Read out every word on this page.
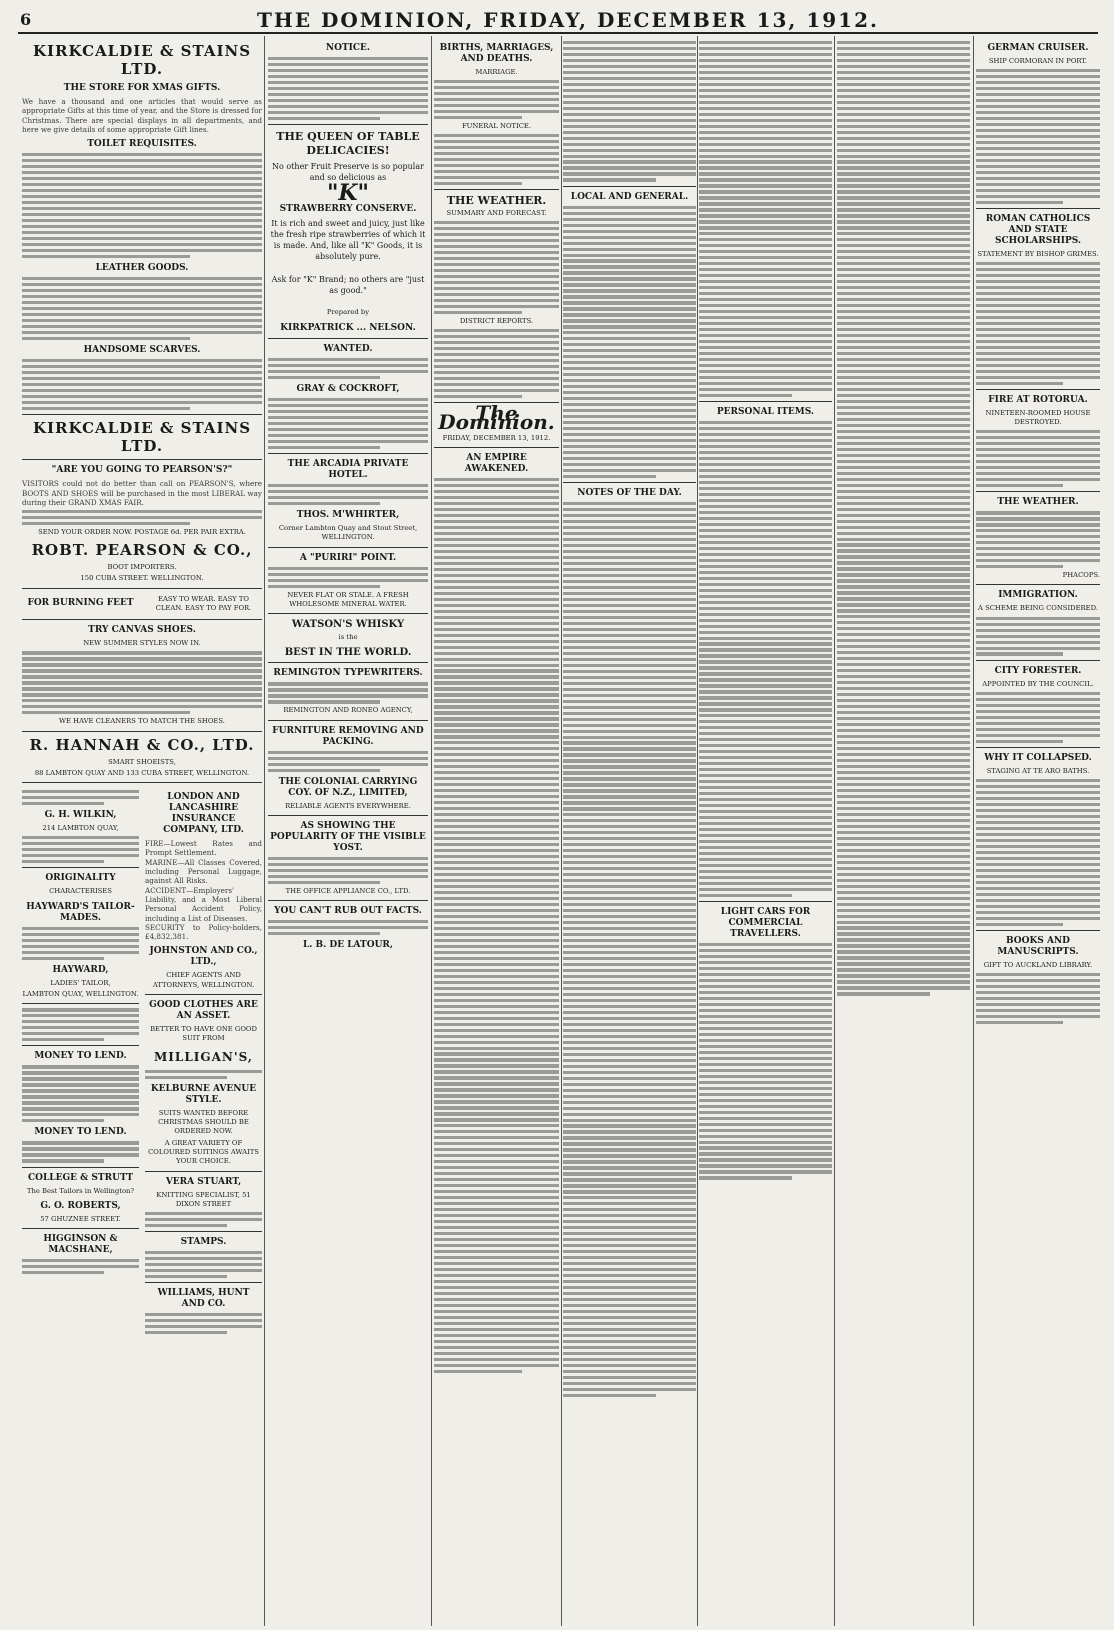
6	THE DOMINION, FRIDAY, DECEMBER 13, 1912.
KIRKCALDIE & STAINS LTD.
THE STORE FOR XMAS GIFTS.
We have a thousand and one articles that would serve as appropriate Gifts at this time of year, and the Store is dressed for Christmas. There are special displays in all departments, and here we give details of some appropriate Gift lines.
TOILET REQUISITES.
LEATHER GOODS.
HANDSOME SCARVES.
KIRKCALDIE & STAINS LTD.
"ARE YOU GOING TO PEARSON'S?"
VISITORS could not do better than call on PEARSON'S, where BOOTS AND SHOES will be purchased in the most LIBERAL way during their GRAND XMAS FAIR.
SEND YOUR ORDER NOW. POSTAGE 6d. PER PAIR EXTRA.
ROBT. PEARSON & CO.,
BOOT IMPORTERS.
150 CUBA STREET. WELLINGTON.
FOR BURNING FEET	EASY TO WEAR. EASY TO CLEAN. EASY TO PAY FOR.
TRY CANVAS SHOES.
NEW SUMMER STYLES NOW IN.
WE HAVE CLEANERS TO MATCH THE SHOES.
R. HANNAH & CO., LTD.
SMART SHOEISTS,
88 LAMBTON QUAY AND 133 CUBA STREET, WELLINGTON.
G. H. WILKIN,
214 LAMBTON QUAY,
ORIGINALITY
CHARACTERISES
HAYWARD'S TAILOR-MADES.
HAYWARD,
LADIES' TAILOR,
LAMBTON QUAY, WELLINGTON.
MONEY TO LEND.
MONEY TO LEND.
COLLEGE & STRUTT
The Best Tailors in Wellington?
G. O. ROBERTS,
57 GHUZNEE STREET.
HIGGINSON & MACSHANE,
LONDON AND LANCASHIRE INSURANCE COMPANY, LTD.
FIRE—Lowest Rates and Prompt Settlement.
MARINE—All Classes Covered, including Personal Luggage, against All Risks.
ACCIDENT—Employers' Liability, and a Most Liberal Personal Accident Policy, including a List of Diseases.
SECURITY to Policy-holders, £4,832,381.
JOHNSTON AND CO., LTD.,
CHIEF AGENTS AND ATTORNEYS, WELLINGTON.
GOOD CLOTHES ARE AN ASSET.
BETTER TO HAVE ONE GOOD SUIT FROM
MILLIGAN'S,
KELBURNE AVENUE STYLE.
SUITS WANTED BEFORE CHRISTMAS SHOULD BE ORDERED NOW.
A GREAT VARIETY OF COLOURED SUITINGS AWAITS YOUR CHOICE.
VERA STUART,
KNITTING SPECIALIST, 51 DIXON STREET
STAMPS.
WILLIAMS, HUNT AND CO.
NOTICE.
THE QUEEN OF TABLE DELICACIES!
No other Fruit Preserve is so popular and so delicious as
"K"
STRAWBERRY CONSERVE.
It is rich and sweet and juicy, just like the fresh ripe strawberries of which it is made. And, like all "K" Goods, it is absolutely pure.
Ask for "K" Brand; no others are "just as good."
Prepared by
KIRKPATRICK ... NELSON.
WANTED.
GRAY & COCKROFT,
THE ARCADIA PRIVATE HOTEL.
THOS. M'WHIRTER,
Corner Lambton Quay and Stout Street, WELLINGTON.
A "PURIRI" POINT.
NEVER FLAT OR STALE. A FRESH WHOLESOME MINERAL WATER.
WATSON'S WHISKY
is the
BEST IN THE WORLD.
REMINGTON TYPEWRITERS.
REMINGTON AND RONEO AGENCY,
FURNITURE REMOVING AND PACKING.
THE COLONIAL CARRYING COY. OF N.Z., LIMITED,
RELIABLE AGENTS EVERYWHERE.
AS SHOWING THE POPULARITY OF THE VISIBLE YOST.
THE OFFICE APPLIANCE CO., LTD.
YOU CAN'T RUB OUT FACTS.
L. B. DE LATOUR,
BIRTHS, MARRIAGES, AND DEATHS.
MARRIAGE.
FUNERAL NOTICE.
THE WEATHER.
SUMMARY AND FORECAST.
DISTRICT REPORTS.
The Dominion.
FRIDAY, DECEMBER 13, 1912.
AN EMPIRE AWAKENED.
LOCAL AND GENERAL.
NOTES OF THE DAY.
PERSONAL ITEMS.
LIGHT CARS FOR COMMERCIAL TRAVELLERS.
GERMAN CRUISER.
SHIP CORMORAN IN PORT.
ROMAN CATHOLICS AND STATE SCHOLARSHIPS.
STATEMENT BY BISHOP GRIMES.
FIRE AT ROTORUA.
NINETEEN-ROOMED HOUSE DESTROYED.
THE WEATHER.
PHACOPS.
IMMIGRATION.
A SCHEME BEING CONSIDERED.
CITY FORESTER.
APPOINTED BY THE COUNCIL.
WHY IT COLLAPSED.
STAGING AT TE ARO BATHS.
BOOKS AND MANUSCRIPTS.
GIFT TO AUCKLAND LIBRARY.
